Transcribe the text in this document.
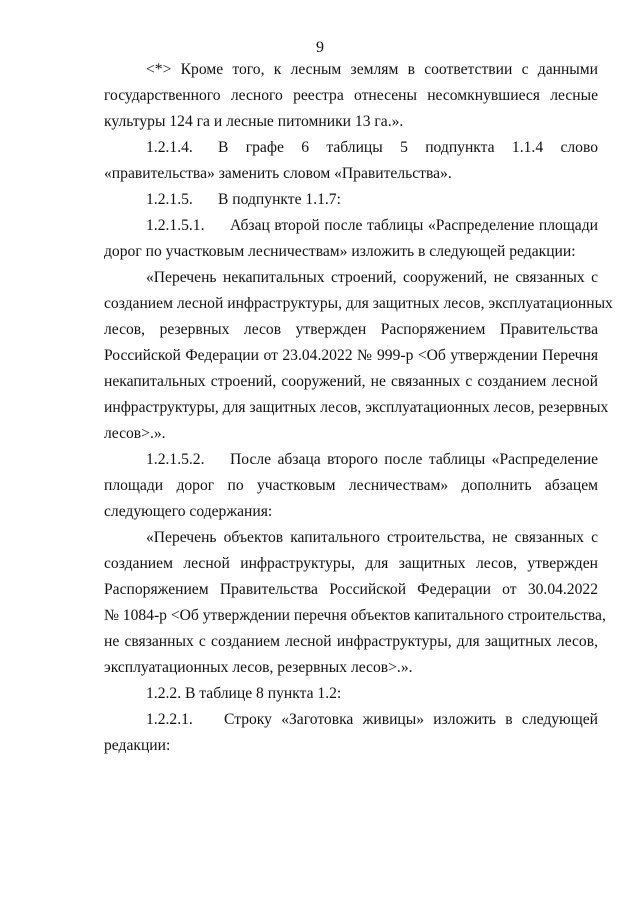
9
<*> Кроме того, к лесным землям в соответствии с данными
государственного лесного реестра отнесены несомкнувшиеся лесные
культуры 124 га и лесные питомники 13 га.».
1.2.1.4.	В графе 6 таблицы 5 подпункта 1.1.4 слово
«правительства» заменить словом «Правительства».
1.2.1.5.	В подпункте 1.1.7:
1.2.1.5.1.	Абзац второй после таблицы «Распределение площади
дорог по участковым лесничествам» изложить в следующей редакции:
«Перечень некапитальных строений, сооружений, не связанных с
созданием лесной инфраструктуры, для защитных лесов, эксплуатационных
лесов, резервных лесов утвержден Распоряжением Правительства
Российской Федерации от 23.04.2022 № 999-р <Об утверждении Перечня
некапитальных строений, сооружений, не связанных с созданием лесной
инфраструктуры, для защитных лесов, эксплуатационных лесов, резервных
лесов>.».
1.2.1.5.2.	После абзаца второго после таблицы «Распределение
площади дорог по участковым лесничествам» дополнить абзацем
следующего содержания:
«Перечень объектов капитального строительства, не связанных с
созданием лесной инфраструктуры, для защитных лесов, утвержден
Распоряжением Правительства Российской Федерации от 30.04.2022
№ 1084-р <Об утверждении перечня объектов капитального строительства,
не связанных с созданием лесной инфраструктуры, для защитных лесов,
эксплуатационных лесов, резервных лесов>.».
1.2.2. В таблице 8 пункта 1.2:
1.2.2.1.	Строку «Заготовка живицы» изложить в следующей
редакции:
